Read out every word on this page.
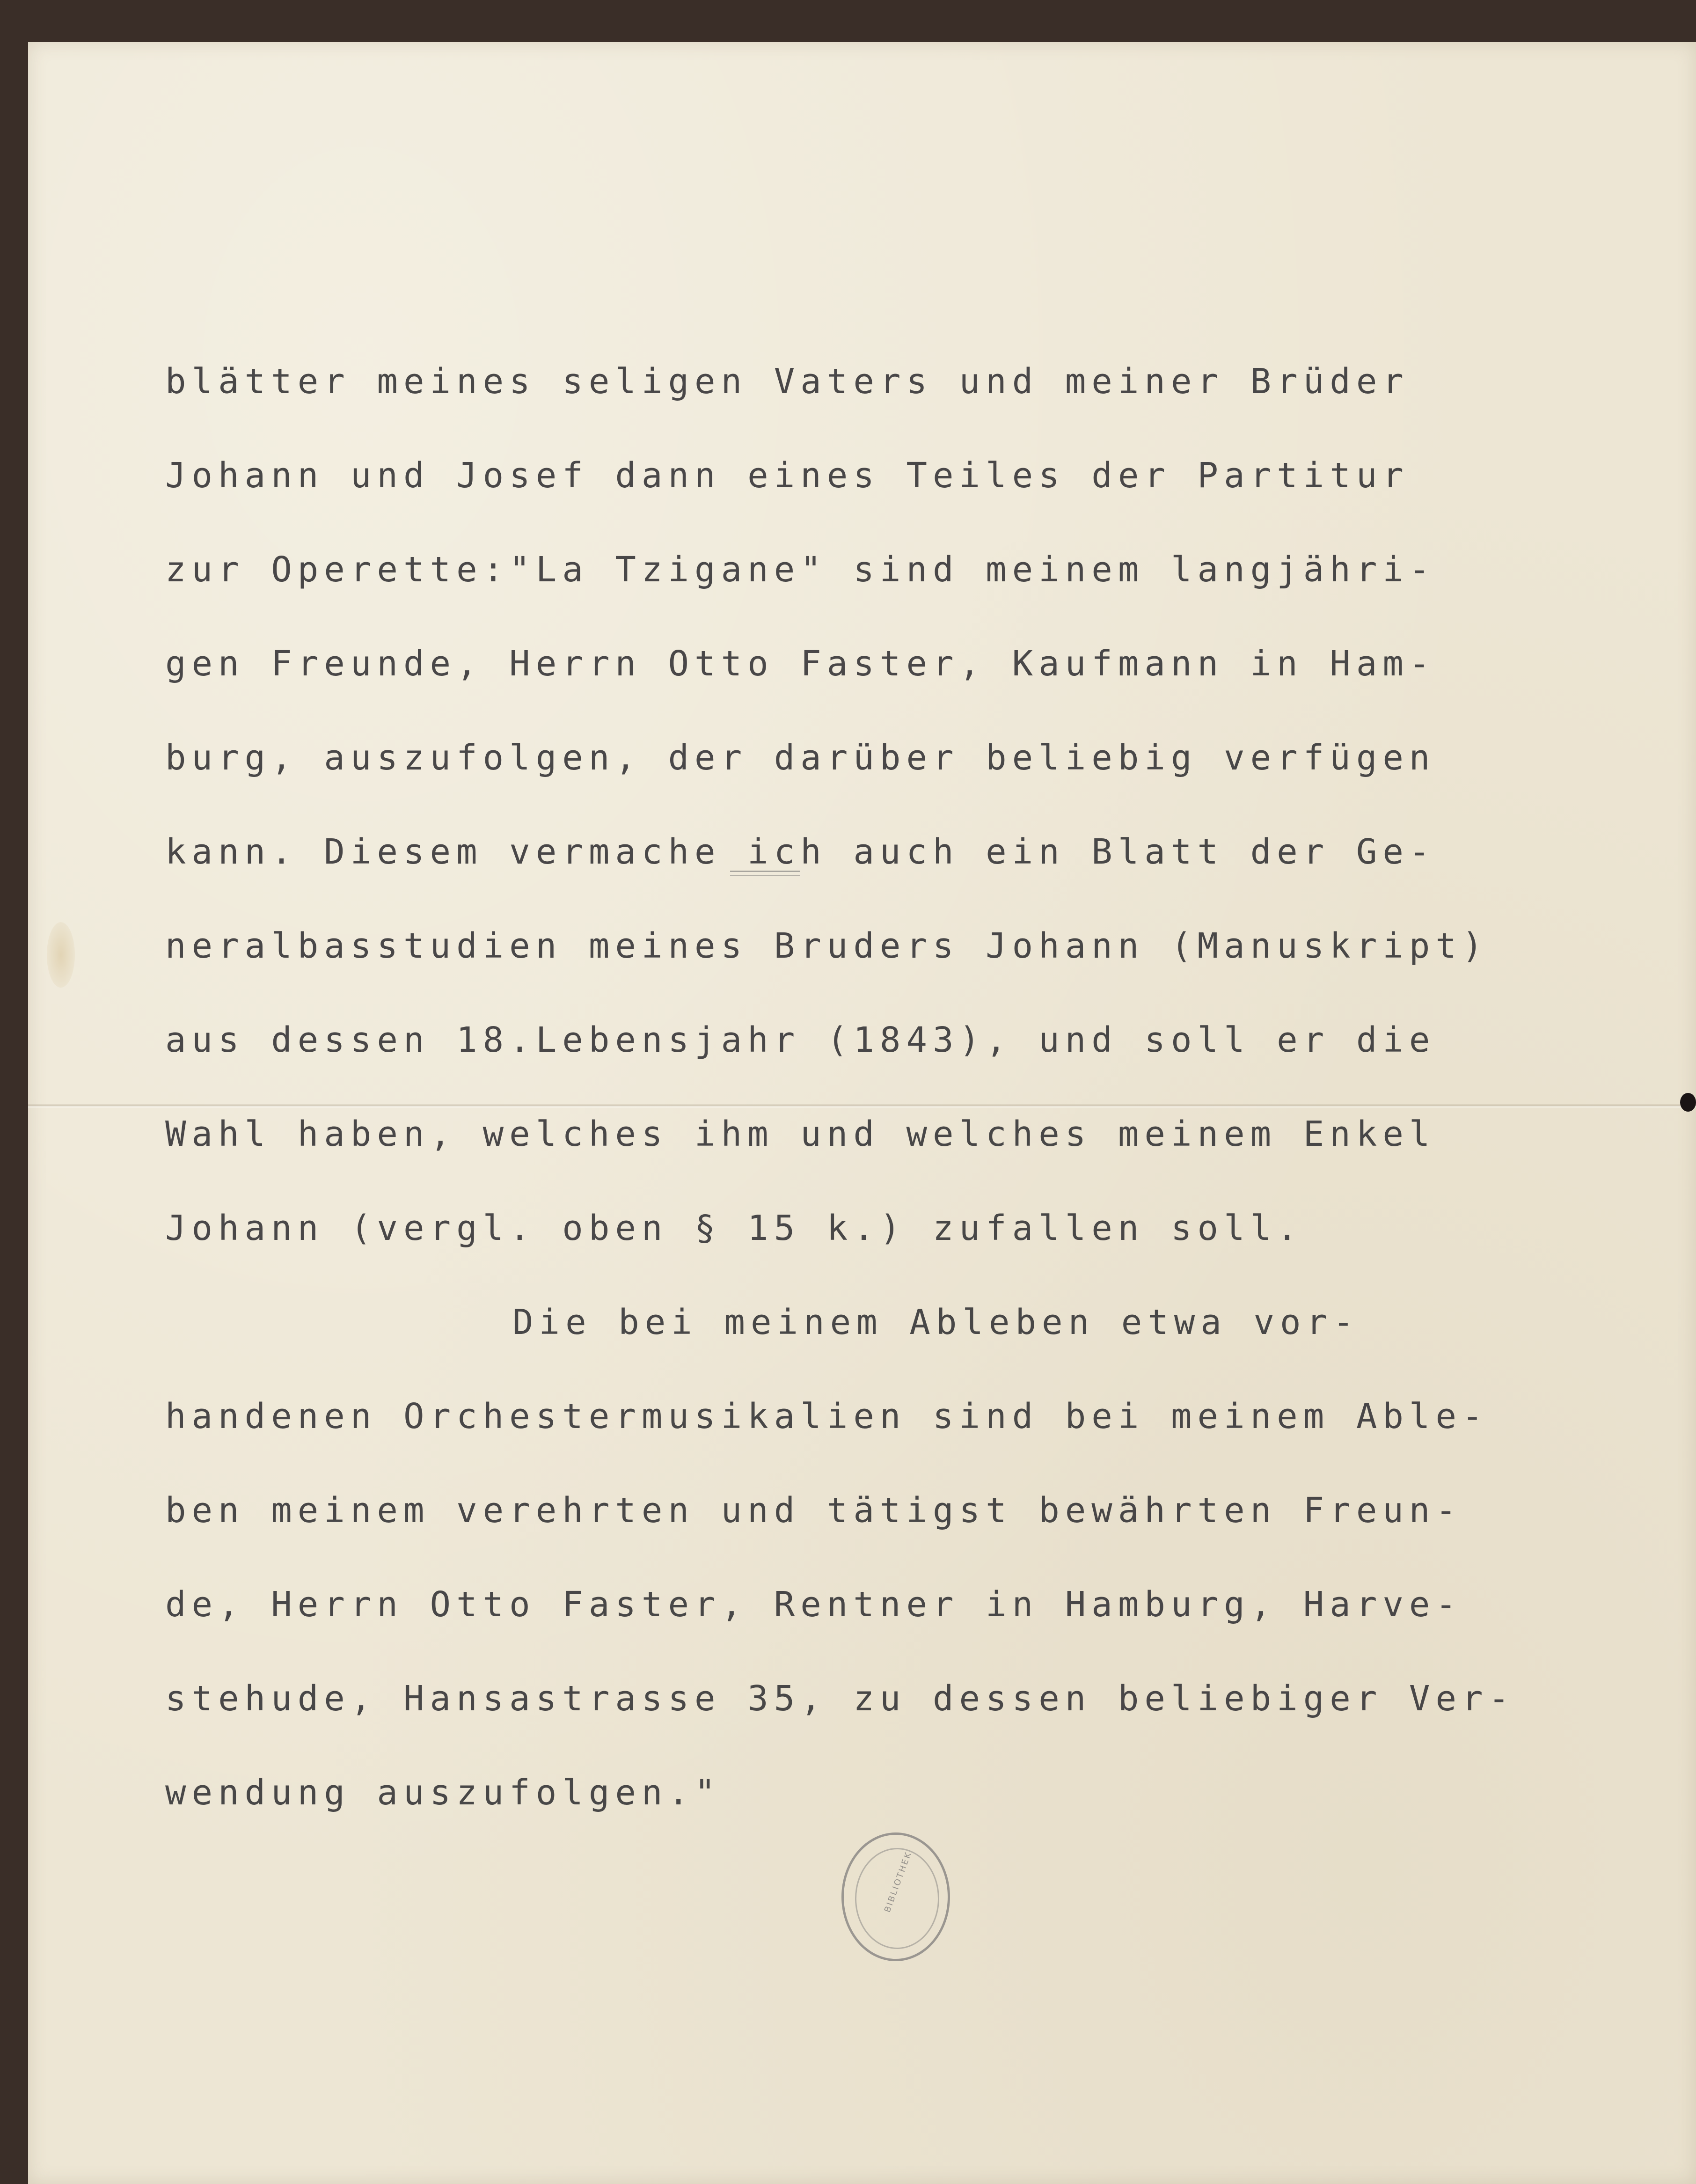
blätter meines seligen Vaters und meiner Brüder
Johann und Josef dann eines Teiles der Partitur
zur Operette:"La Tzigane" sind meinem langjähri-
gen Freunde, Herrn Otto Faster, Kaufmann in Ham-
burg, auszufolgen, der darüber beliebig verfügen
kann. Diesem vermache ich auch ein Blatt der Ge-
neralbasstudien meines Bruders Johann (Manuskript)
aus dessen 18.Lebensjahr (1843), und soll er die
Wahl haben, welches ihm und welches meinem Enkel
Johann (vergl. oben § 15 k.) zufallen soll.
Die bei meinem Ableben etwa vor-
handenen Orchestermusikalien sind bei meinem Able-
ben meinem verehrten und tätigst bewährten Freun-
de, Herrn Otto Faster, Rentner in Hamburg, Harve-
stehude, Hansastrasse 35, zu dessen beliebiger Ver-
wendung auszufolgen."
BIBLIOTHEK
